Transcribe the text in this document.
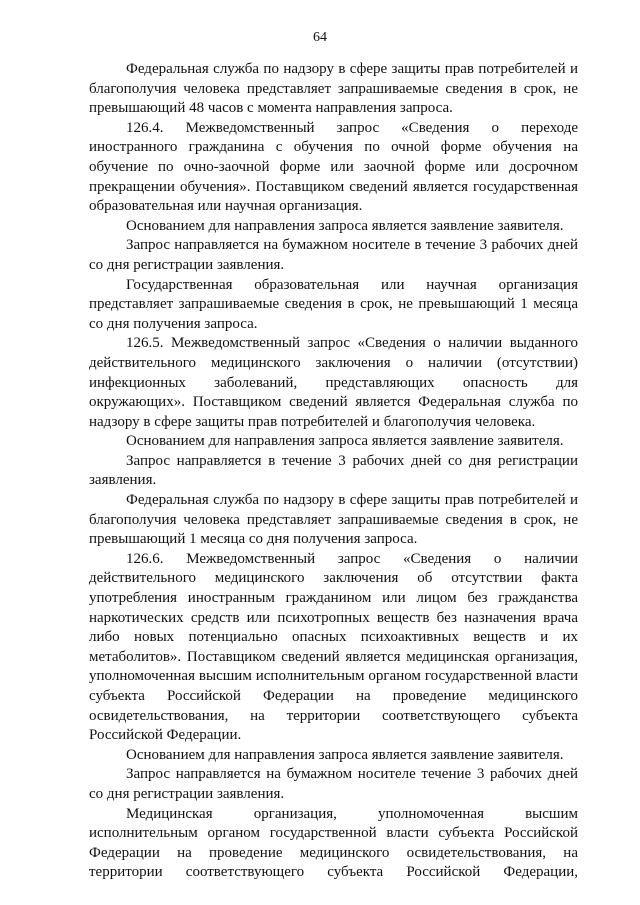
64

Федеральная служба по надзору в сфере защиты прав потребителей и благополучия человека представляет запрашиваемые сведения в срок, не превышающий 48 часов с момента направления запроса.

126.4. Межведомственный запрос «Сведения о переходе иностранного гражданина с обучения по очной форме обучения на обучение по очно-заочной форме или заочной форме или досрочном прекращении обучения». Поставщиком сведений является государственная образовательная или научная организация.

Основанием для направления запроса является заявление заявителя.

Запрос направляется на бумажном носителе в течение 3 рабочих дней со дня регистрации заявления.

Государственная образовательная или научная организация представляет запрашиваемые сведения в срок, не превышающий 1 месяца со дня получения запроса.

126.5. Межведомственный запрос «Сведения о наличии выданного действительного медицинского заключения о наличии (отсутствии) инфекционных заболеваний, представляющих опасность для окружающих». Поставщиком сведений является Федеральная служба по надзору в сфере защиты прав потребителей и благополучия человека.

Основанием для направления запроса является заявление заявителя.

Запрос направляется в течение 3 рабочих дней со дня регистрации заявления.

Федеральная служба по надзору в сфере защиты прав потребителей и благополучия человека представляет запрашиваемые сведения в срок, не превышающий 1 месяца со дня получения запроса.

126.6. Межведомственный запрос «Сведения о наличии действительного медицинского заключения об отсутствии факта употребления иностранным гражданином или лицом без гражданства наркотических средств или психотропных веществ без назначения врача либо новых потенциально опасных психоактивных веществ и их метаболитов». Поставщиком сведений является медицинская организация, уполномоченная высшим исполнительным органом государственной власти субъекта Российской Федерации на проведение медицинского освидетельствования, на территории соответствующего субъекта Российской Федерации.

Основанием для направления запроса является заявление заявителя.

Запрос направляется на бумажном носителе течение 3 рабочих дней со дня регистрации заявления.

Медицинская организация, уполномоченная высшим исполнительным органом государственной власти субъекта Российской Федерации на проведение медицинского освидетельствования, на территории соответствующего субъекта Российской Федерации,
